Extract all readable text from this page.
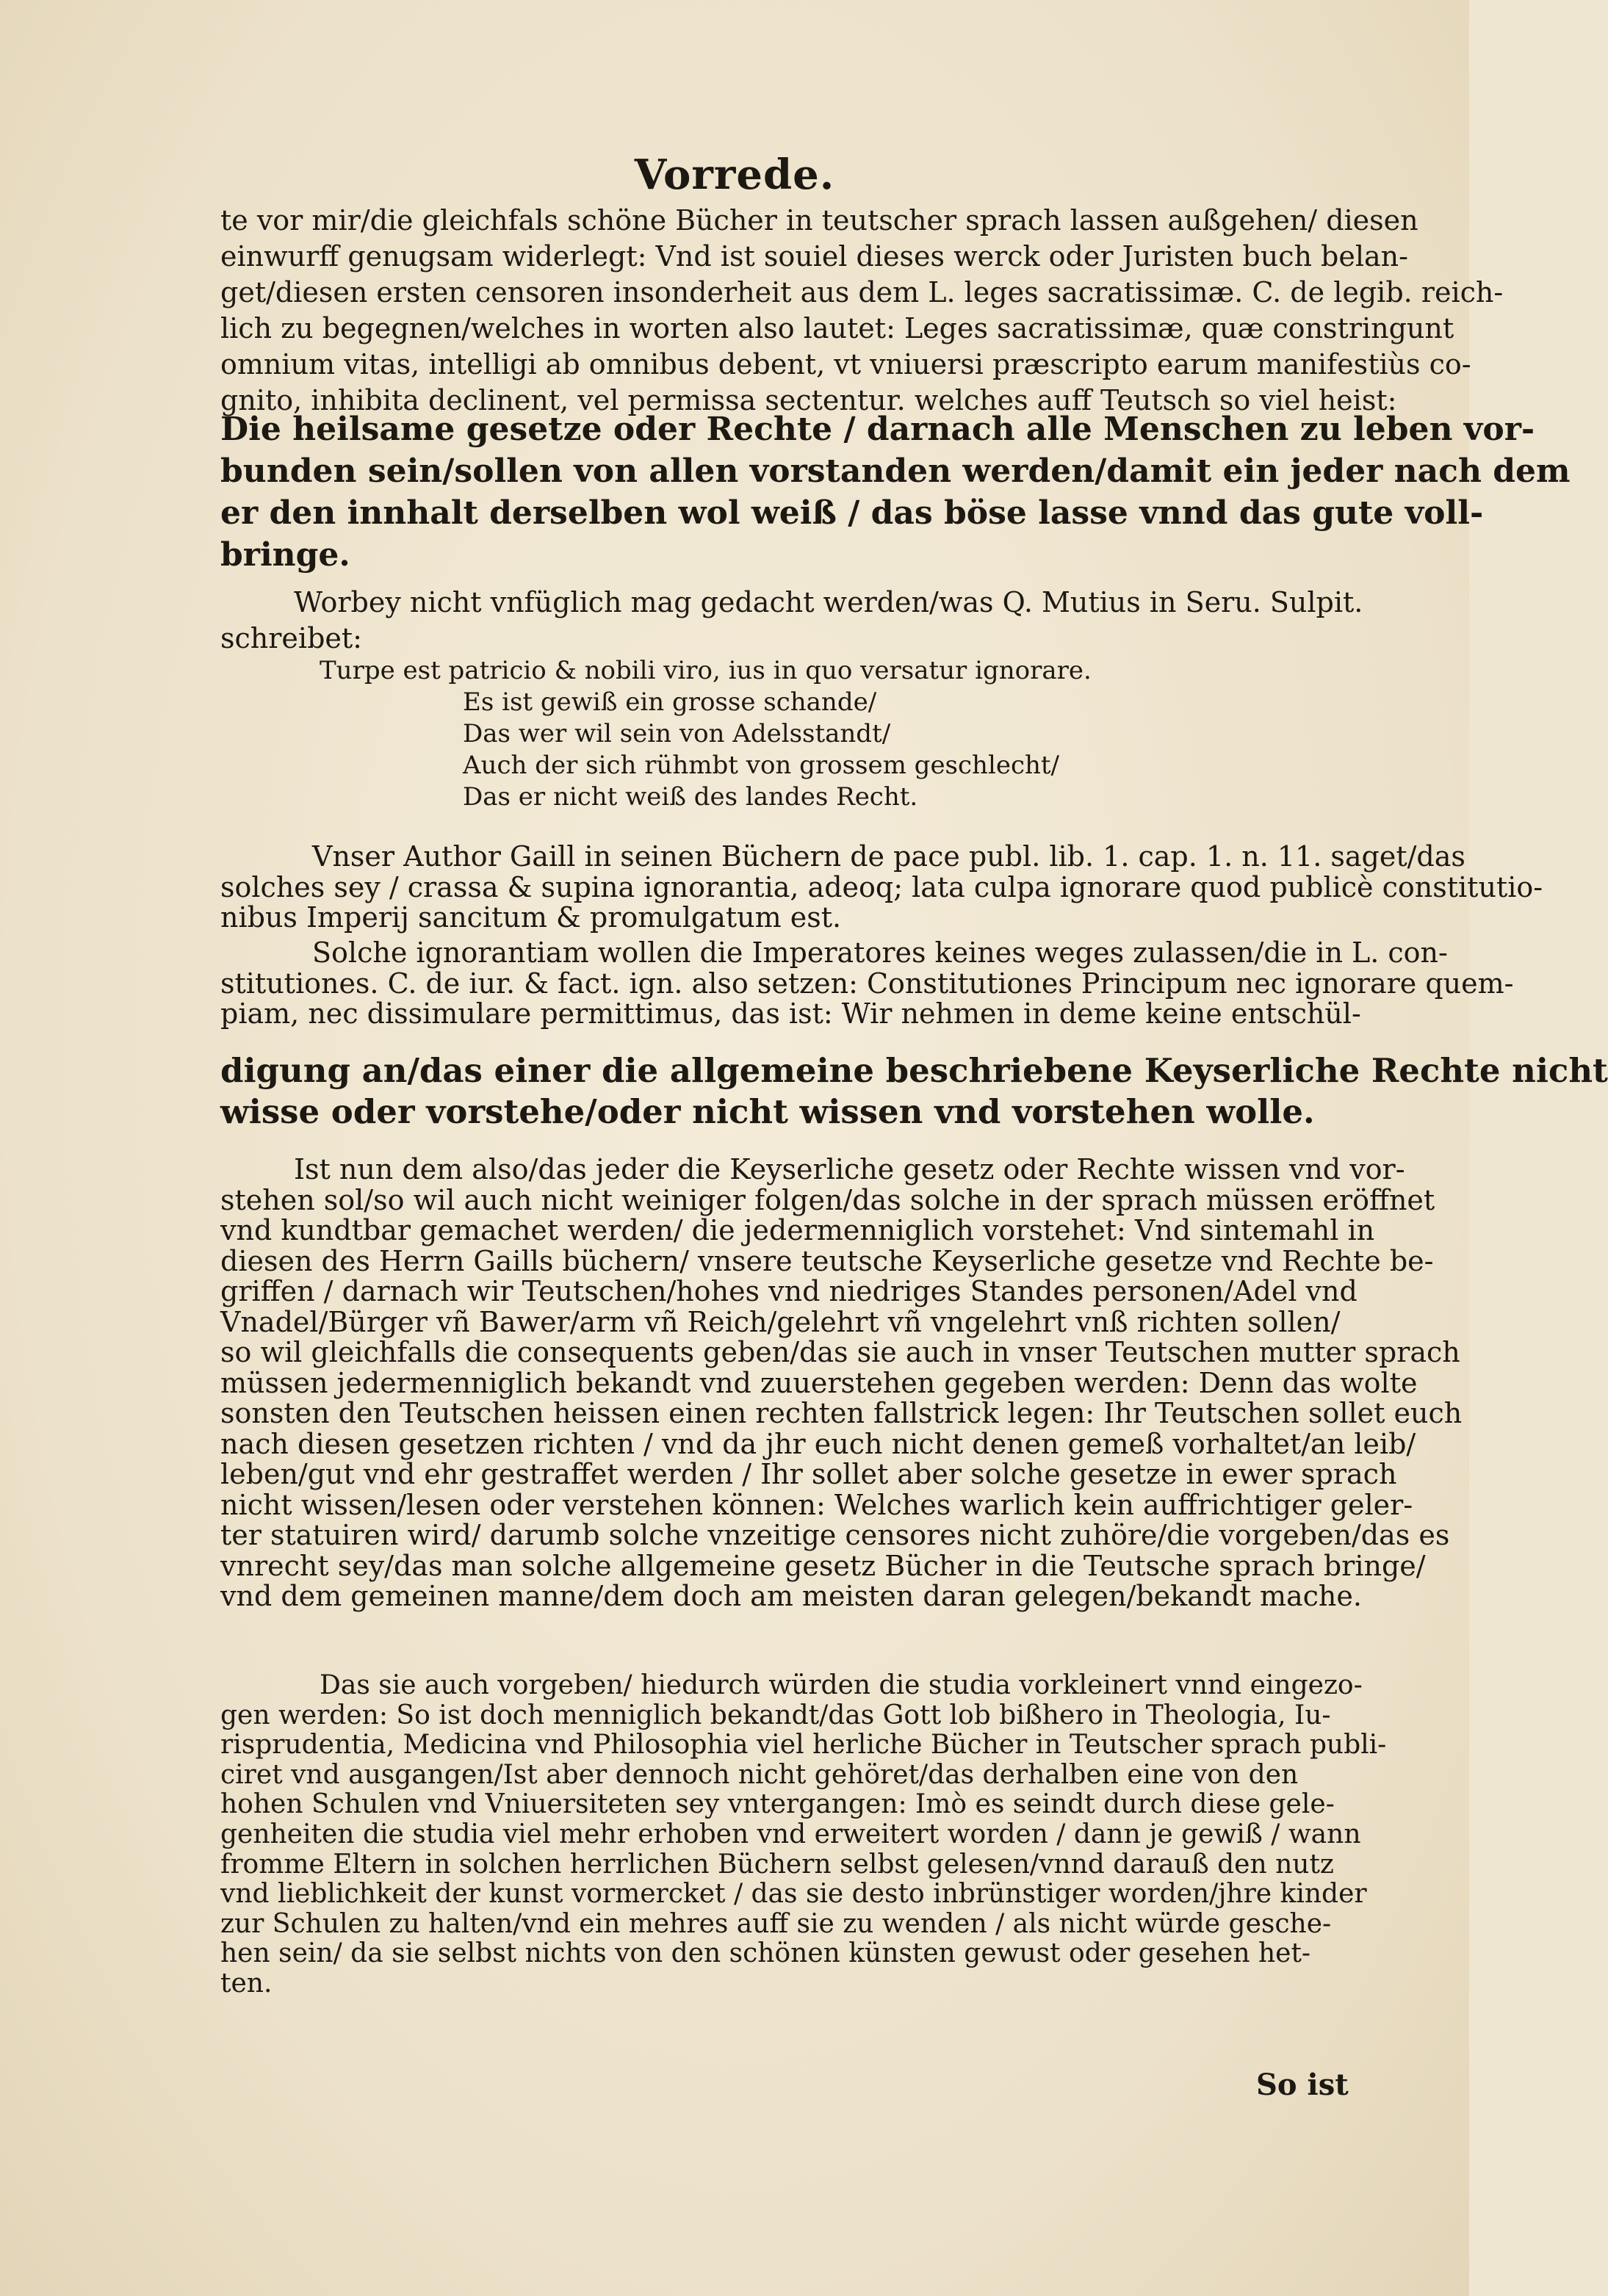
Vorrede.

te vor mir/die gleichfals schöne Bücher in teutscher sprach lassen außgehen/ diesen

einwurff genugsam widerlegt: Vnd ist souiel dieses werck oder Juristen buch belan-

get/diesen ersten censoren insonderheit aus dem L. leges sacratissimæ. C. de legib. reich-

lich zu begegnen/welches in worten also lautet: Leges sacratissimæ, quæ constringunt

omnium vitas, intelligi ab omnibus debent, vt vniuersi præscripto earum manifestiùs co-

gnito, inhibita declinent, vel permissa sectentur. welches auff Teutsch so viel heist:

Die heilsame gesetze oder Rechte / darnach alle Menschen zu leben vor-

bunden sein/sollen von allen vorstanden werden/damit ein jeder nach dem

er den innhalt derselben wol weiß / das böse lasse vnnd das gute voll-

bringe.

Worbey nicht vnfüglich mag gedacht werden/was Q. Mutius in Seru. Sulpit.

schreibet:

Turpe est patricio & nobili viro, ius in quo versatur ignorare.
Es ist gewiß ein grosse schande/
Das wer wil sein von Adelsstandt/
Auch der sich rühmbt von grossem geschlecht/
Das er nicht weiß des landes Recht.

Vnser Author Gaill in seinen Büchern de pace publ. lib. 1. cap. 1. n. 11. saget/das

solches sey / crassa & supina ignorantia, adeoq; lata culpa ignorare quod publicè constitutio-

nibus Imperij sancitum & promulgatum est.

Solche ignorantiam wollen die Imperatores keines weges zulassen/die in L. con-

stitutiones. C. de iur. & fact. ign. also setzen: Constitutiones Principum nec ignorare quem-

piam, nec dissimulare permittimus, das ist: Wir nehmen in deme keine entschül-

digung an/das einer die allgemeine beschriebene Keyserliche Rechte nicht

wisse oder vorstehe/oder nicht wissen vnd vorstehen wolle.

Ist nun dem also/das jeder die Keyserliche gesetz oder Rechte wissen vnd vor-

stehen sol/so wil auch nicht weiniger folgen/das solche in der sprach müssen eröffnet

vnd kundtbar gemachet werden/ die jedermenniglich vorstehet: Vnd sintemahl in

diesen des Herrn Gaills büchern/ vnsere teutsche Keyserliche gesetze vnd Rechte be-

griffen / darnach wir Teutschen/hohes vnd niedriges Standes personen/Adel vnd

Vnadel/Bürger vñ Bawer/arm vñ Reich/gelehrt vñ vngelehrt vnß richten sollen/

so wil gleichfalls die consequents geben/das sie auch in vnser Teutschen mutter sprach

müssen jedermenniglich bekandt vnd zuuerstehen gegeben werden: Denn das wolte

sonsten den Teutschen heissen einen rechten fallstrick legen: Ihr Teutschen sollet euch

nach diesen gesetzen richten / vnd da jhr euch nicht denen gemeß vorhaltet/an leib/

leben/gut vnd ehr gestraffet werden / Ihr sollet aber solche gesetze in ewer sprach

nicht wissen/lesen oder verstehen können: Welches warlich kein auffrichtiger geler-

ter statuiren wird/ darumb solche vnzeitige censores nicht zuhöre/die vorgeben/das es

vnrecht sey/das man solche allgemeine gesetz Bücher in die Teutsche sprach bringe/

vnd dem gemeinen manne/dem doch am meisten daran gelegen/bekandt mache.

Das sie auch vorgeben/ hiedurch würden die studia vorkleinert vnnd eingezo-

gen werden: So ist doch menniglich bekandt/das Gott lob bißhero in Theologia, Iu-

risprudentia, Medicina vnd Philosophia viel herliche Bücher in Teutscher sprach publi-

ciret vnd ausgangen/Ist aber dennoch nicht gehöret/das derhalben eine von den

hohen Schulen vnd Vniuersiteten sey vntergangen: Imò es seindt durch diese gele-

genheiten die studia viel mehr erhoben vnd erweitert worden / dann je gewiß / wann

fromme Eltern in solchen herrlichen Büchern selbst gelesen/vnnd darauß den nutz

vnd lieblichkeit der kunst vormercket / das sie desto inbrünstiger worden/jhre kinder

zur Schulen zu halten/vnd ein mehres auff sie zu wenden / als nicht würde gesche-

hen sein/ da sie selbst nichts von den schönen künsten gewust oder gesehen het-

ten.

So ist
